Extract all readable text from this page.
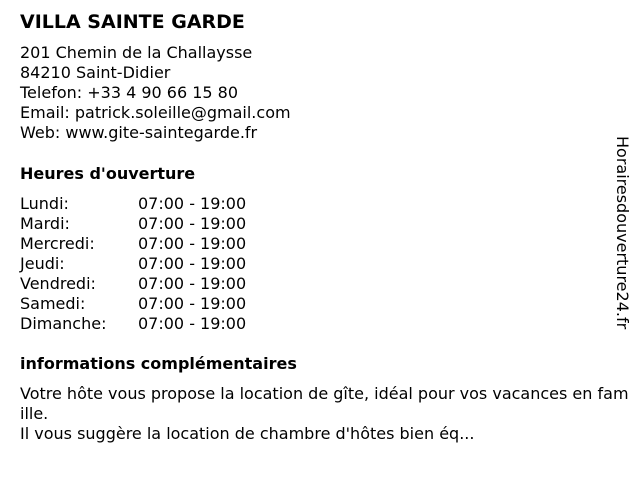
VILLA SAINTE GARDE
201 Chemin de la Challaysse
84210 Saint-Didier
Telefon: +33 4 90 66 15 80
Email: patrick.soleille@gmail.com
Web: www.gite-saintegarde.fr
Heures d'ouverture
Lundi:	07:00 - 19:00
Mardi:	07:00 - 19:00
Mercredi:	07:00 - 19:00
Jeudi:	07:00 - 19:00
Vendredi:	07:00 - 19:00
Samedi:	07:00 - 19:00
Dimanche: 07:00 - 19:00
informations complémentaires
Votre hôte vous propose la location de gîte, idéal pour vos vacances en famille.
Il vous suggère la location de chambre d'hôtes bien éq...
Horairesdouverture24.fr
